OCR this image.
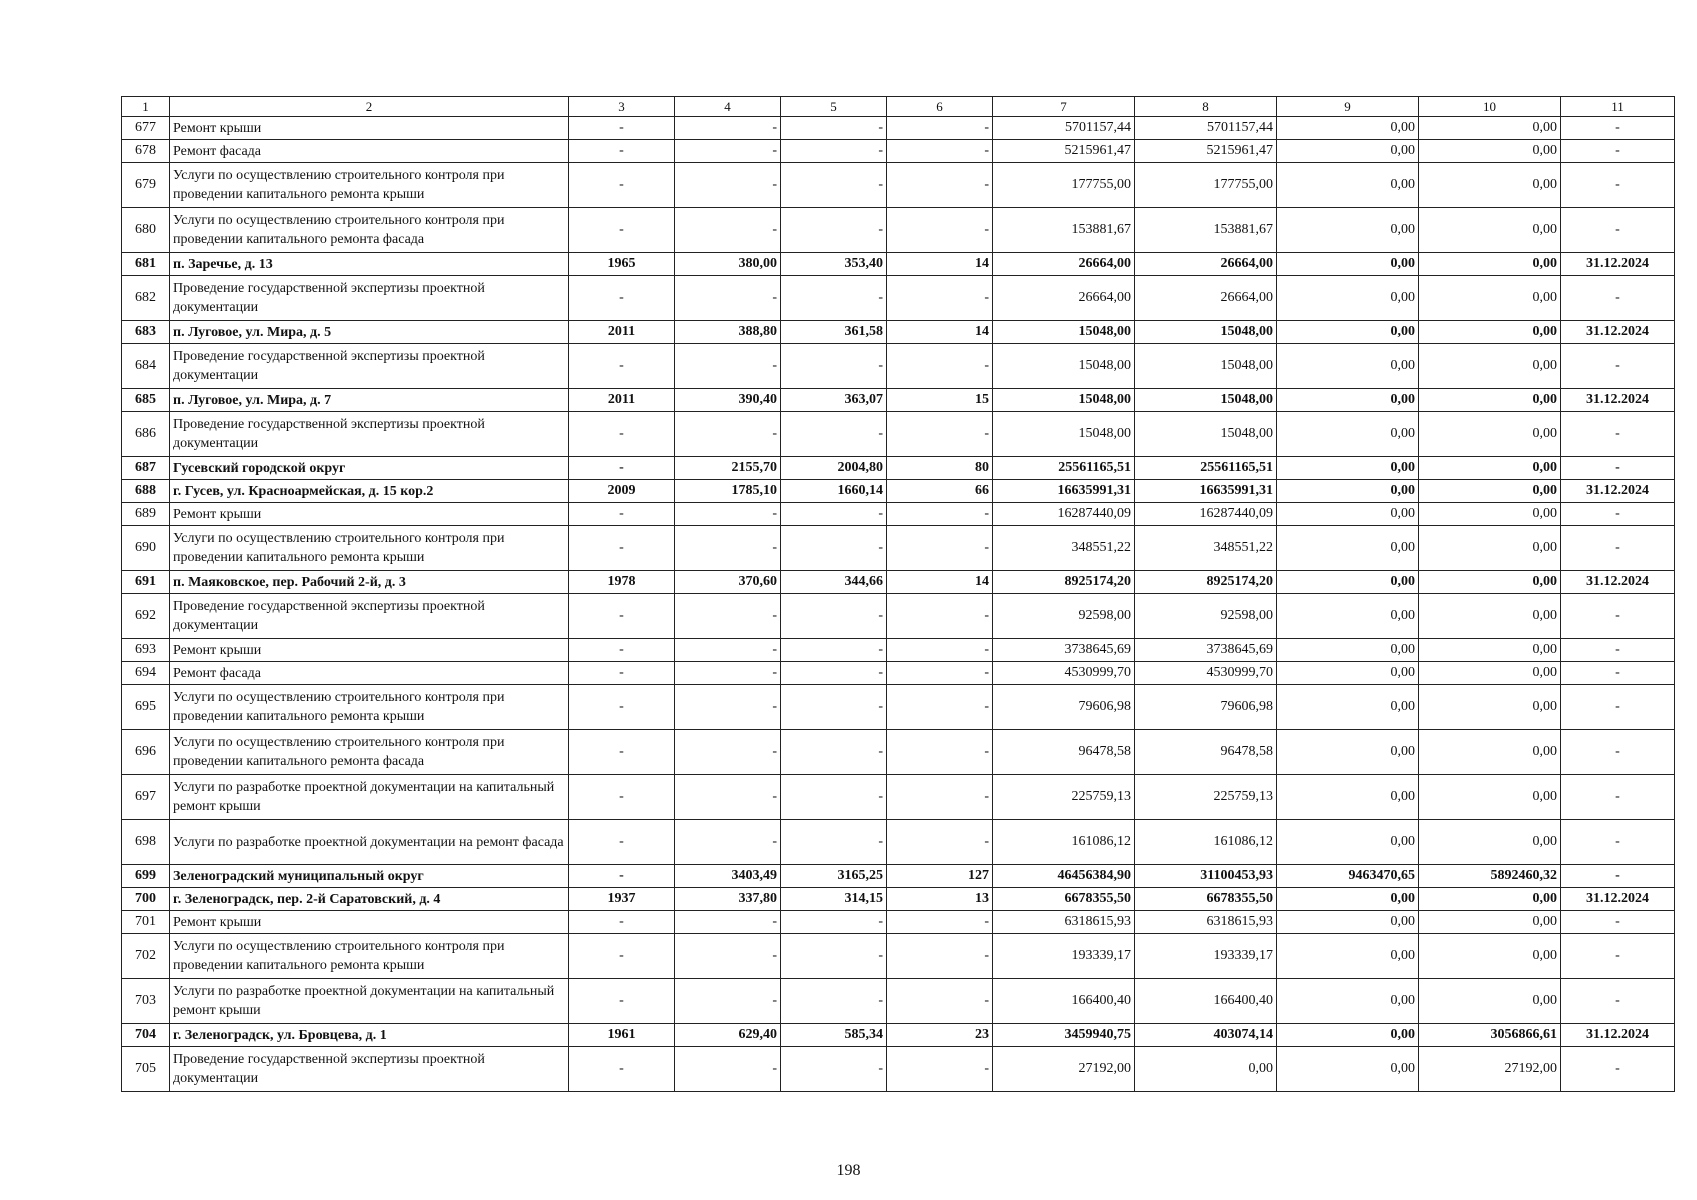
1	2	3	4	5	6	7	8	9	10	11
677	Ремонт крыши	-	-	-	-	5701157,44	5701157,44	0,00	0,00	-
678	Ремонт фасада	-	-	-	-	5215961,47	5215961,47	0,00	0,00	-
679	Услуги по осуществлению строительного контроля при проведении капитального ремонта крыши	-	-	-	-	177755,00	177755,00	0,00	0,00	-
680	Услуги по осуществлению строительного контроля при проведении капитального ремонта фасада	-	-	-	-	153881,67	153881,67	0,00	0,00	-
681	п. Заречье, д. 13	1965	380,00	353,40	14	26664,00	26664,00	0,00	0,00	31.12.2024
682	Проведение государственной экспертизы проектной документации	-	-	-	-	26664,00	26664,00	0,00	0,00	-
683	п. Луговое, ул. Мира, д. 5	2011	388,80	361,58	14	15048,00	15048,00	0,00	0,00	31.12.2024
684	Проведение государственной экспертизы проектной документации	-	-	-	-	15048,00	15048,00	0,00	0,00	-
685	п. Луговое, ул. Мира, д. 7	2011	390,40	363,07	15	15048,00	15048,00	0,00	0,00	31.12.2024
686	Проведение государственной экспертизы проектной документации	-	-	-	-	15048,00	15048,00	0,00	0,00	-
687	Гусевский городской округ	-	2155,70	2004,80	80	25561165,51	25561165,51	0,00	0,00	-
688	г. Гусев, ул. Красноармейская, д. 15 кор.2	2009	1785,10	1660,14	66	16635991,31	16635991,31	0,00	0,00	31.12.2024
689	Ремонт крыши	-	-	-	-	16287440,09	16287440,09	0,00	0,00	-
690	Услуги по осуществлению строительного контроля при проведении капитального ремонта крыши	-	-	-	-	348551,22	348551,22	0,00	0,00	-
691	п. Маяковское, пер. Рабочий 2-й, д. 3	1978	370,60	344,66	14	8925174,20	8925174,20	0,00	0,00	31.12.2024
692	Проведение государственной экспертизы проектной документации	-	-	-	-	92598,00	92598,00	0,00	0,00	-
693	Ремонт крыши	-	-	-	-	3738645,69	3738645,69	0,00	0,00	-
694	Ремонт фасада	-	-	-	-	4530999,70	4530999,70	0,00	0,00	-
695	Услуги по осуществлению строительного контроля при проведении капитального ремонта крыши	-	-	-	-	79606,98	79606,98	0,00	0,00	-
696	Услуги по осуществлению строительного контроля при проведении капитального ремонта фасада	-	-	-	-	96478,58	96478,58	0,00	0,00	-
697	Услуги по разработке проектной документации на капитальный ремонт крыши	-	-	-	-	225759,13	225759,13	0,00	0,00	-
698	Услуги по разработке проектной документации на ремонт фасада	-	-	-	-	161086,12	161086,12	0,00	0,00	-
699	Зеленоградский муниципальный округ	-	3403,49	3165,25	127	46456384,90	31100453,93	9463470,65	5892460,32	-
700	г. Зеленоградск, пер. 2-й Саратовский, д. 4	1937	337,80	314,15	13	6678355,50	6678355,50	0,00	0,00	31.12.2024
701	Ремонт крыши	-	-	-	-	6318615,93	6318615,93	0,00	0,00	-
702	Услуги по осуществлению строительного контроля при проведении капитального ремонта крыши	-	-	-	-	193339,17	193339,17	0,00	0,00	-
703	Услуги по разработке проектной документации на капитальный ремонт крыши	-	-	-	-	166400,40	166400,40	0,00	0,00	-
704	г. Зеленоградск, ул. Бровцева, д. 1	1961	629,40	585,34	23	3459940,75	403074,14	0,00	3056866,61	31.12.2024
705	Проведение государственной экспертизы проектной документации	-	-	-	-	27192,00	0,00	0,00	27192,00	-
198
